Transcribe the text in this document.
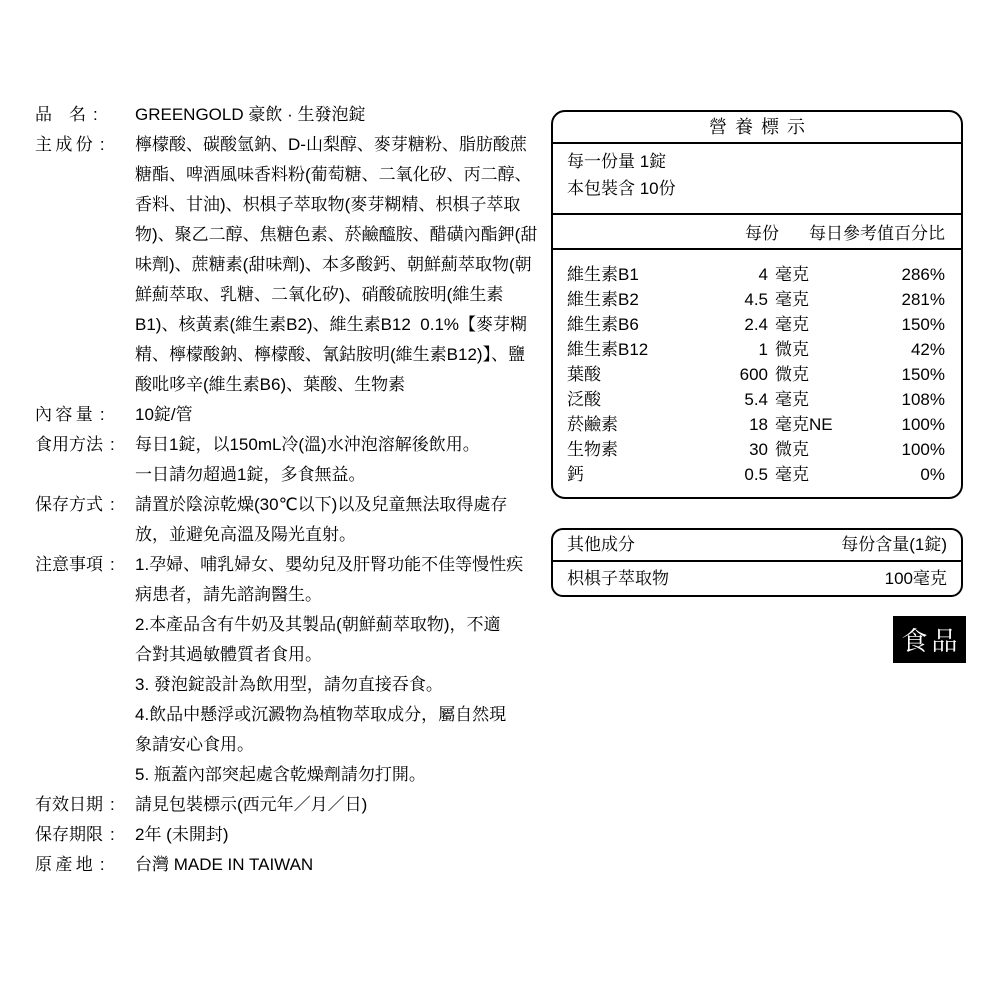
品　名 : GREENGOLD 豪飲 · 生發泡錠
主 成 份 : 檸檬酸、碳酸氫鈉、D-山梨醇、麥芽糖粉、脂肪酸蔗
糖酯、啤酒風味香料粉(葡萄糖、二氧化矽、丙二醇、
香料、甘油)、枳椇子萃取物(麥芽糊精、枳椇子萃取
物)、聚乙二醇、焦糖色素、菸鹼醯胺、醋磺內酯鉀(甜
味劑)、蔗糖素(甜味劑)、本多酸鈣、朝鮮薊萃取物(朝
鮮薊萃取、乳糖、二氧化矽)、硝酸硫胺明(維生素
B1)、核黃素(維生素B2)、維生素B12  0.1%【麥芽糊
精、檸檬酸鈉、檸檬酸、氰鈷胺明(維生素B12)】、鹽
酸吡哆辛(維生素B6)、葉酸、生物素
內 容 量 : 10錠/管
食用方法 : 每日1錠，以150mL冷(溫)水沖泡溶解後飲用。
一日請勿超過1錠，多食無益。
保存方式 : 請置於陰涼乾燥(30℃以下)以及兒童無法取得處存
放，並避免高溫及陽光直射。
注意事項 : 1.孕婦、哺乳婦女、嬰幼兒及肝腎功能不佳等慢性疾
病患者，請先諮詢醫生。
2.本產品含有牛奶及其製品(朝鮮薊萃取物)，不適
合對其過敏體質者食用。
3. 發泡錠設計為飲用型，請勿直接吞食。
4.飲品中懸浮或沉澱物為植物萃取成分，屬自然現
象請安心食用。
5. 瓶蓋內部突起處含乾燥劑請勿打開。
有效日期 : 請見包裝標示(西元年／月／日)
保存期限 : 2年 (未開封)
原 產 地 : 台灣 MADE IN TAIWAN
營養標示
每一份量 1錠
本包裝含 10份
每份	每日參考值百分比
維生素B1	4 毫克	286%
維生素B2	4.5 毫克	281%
維生素B6	2.4 毫克	150%
維生素B12	1 微克	42%
葉酸	600 微克	150%
泛酸	5.4 毫克	108%
菸鹼素	18 毫克NE	100%
生物素	30 微克	100%
鈣	0.5 毫克	0%
其他成分	每份含量(1錠)
枳椇子萃取物	100毫克
食品
